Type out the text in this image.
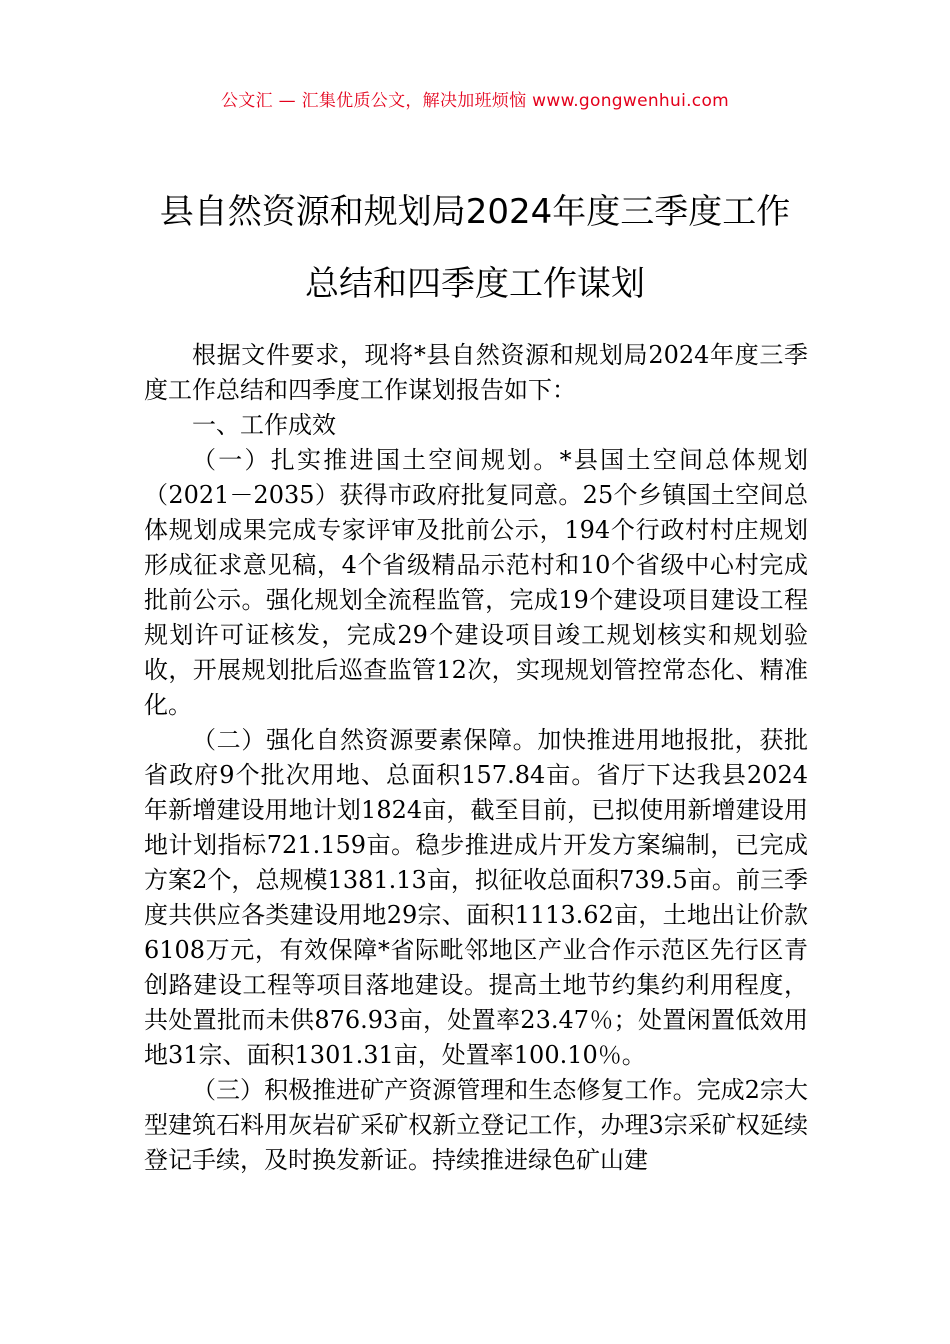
公文汇 — 汇集优质公文，解决加班烦恼 www.gongwenhui.com
县自然资源和规划局2024年度三季度工作
总结和四季度工作谋划

根据文件要求，现将*县自然资源和规划局2024年度三季度工作总结和四季度工作谋划报告如下：

一、工作成效

（一）扎实推进国土空间规划。*县国土空间总体规划（2021－2035）获得市政府批复同意。25个乡镇国土空间总体规划成果完成专家评审及批前公示，194个行政村村庄规划形成征求意见稿，4个省级精品示范村和10个省级中心村完成批前公示。强化规划全流程监管，完成19个建设项目建设工程规划许可证核发，完成29个建设项目竣工规划核实和规划验收，开展规划批后巡查监管12次，实现规划管控常态化、精准化。

（二）强化自然资源要素保障。加快推进用地报批，获批省政府9个批次用地、总面积157.84亩。省厅下达我县2024年新增建设用地计划1824亩，截至目前，已拟使用新增建设用地计划指标721.159亩。稳步推进成片开发方案编制，已完成方案2个，总规模1381.13亩，拟征收总面积739.5亩。前三季度共供应各类建设用地29宗、面积1113.62亩，土地出让价款6108万元，有效保障*省际毗邻地区产业合作示范区先行区青创路建设工程等项目落地建设。提高土地节约集约利用程度，共处置批而未供876.93亩，处置率23.47％；处置闲置低效用地31宗、面积1301.31亩，处置率100.10％。

（三）积极推进矿产资源管理和生态修复工作。完成2宗大型建筑石料用灰岩矿采矿权新立登记工作，办理3宗采矿权延续登记手续，及时换发新证。持续推进绿色矿山建
